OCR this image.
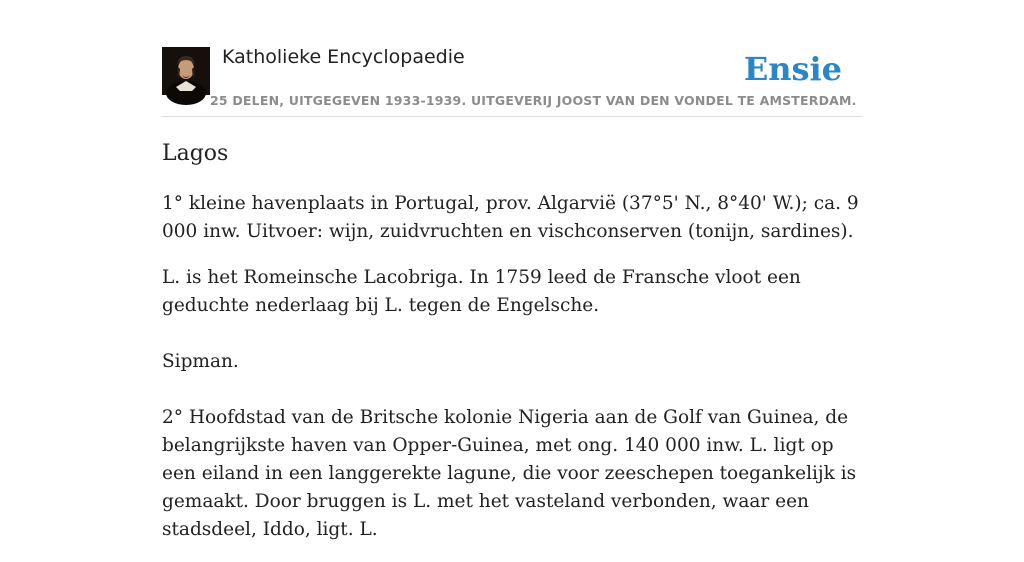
Katholieke Encyclopaedie
25 DELEN, UITGEGEVEN 1933-1939. UITGEVERIJ JOOST VAN DEN VONDEL TE AMSTERDAM.
Ensie
Lagos

1° kleine havenplaats in Portugal, prov. Algarvië (37°5' N., 8°40' W.); ca. 9 000 inw. Uitvoer: wijn, zuidvruchten en vischconserven (tonijn, sardines).

L. is het Romeinsche Lacobriga. In 1759 leed de Fransche vloot een geduchte nederlaag bij L. tegen de Engelsche.

Sipman.

2° Hoofdstad van de Britsche kolonie Nigeria aan de Golf van Guinea, de belangrijkste haven van Opper-Guinea, met ong. 140 000 inw. L. ligt op een eiland in een langgerekte lagune, die voor zeeschepen toegankelijk is gemaakt. Door bruggen is L. met het vasteland verbonden, waar een stadsdeel, Iddo, ligt. L.
